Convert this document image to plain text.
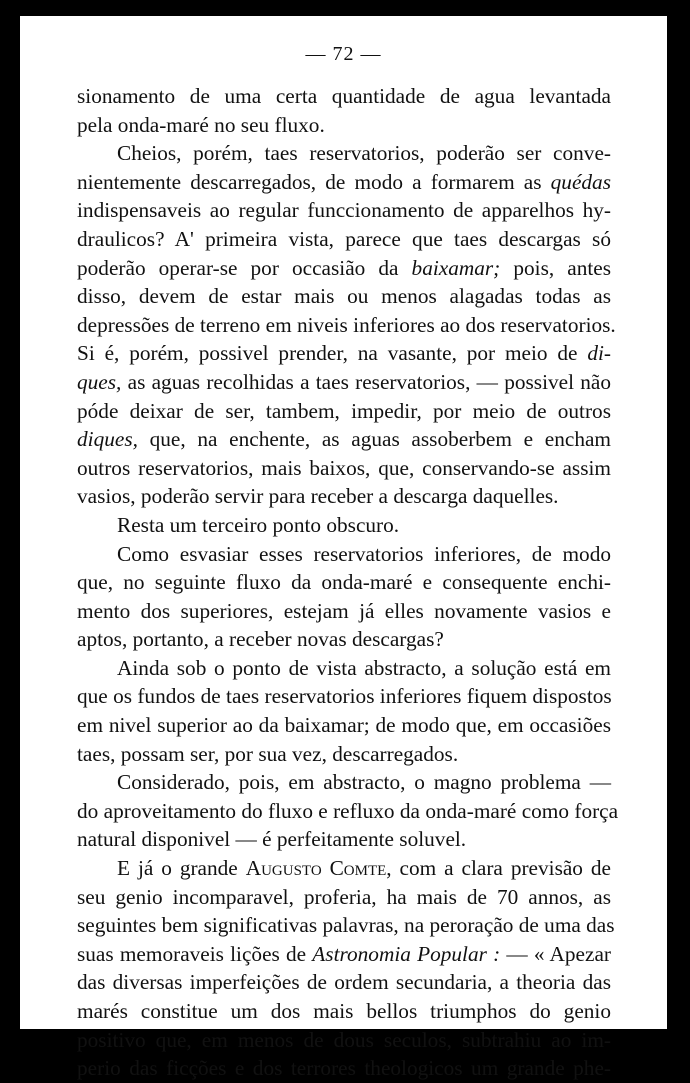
— 72 —
sionamento de uma certa quantidade de agua levantada
pela onda-maré no seu fluxo.
Cheios, porém, taes reservatorios, poderão ser conve-
nientemente descarregados, de modo a formarem as quédas
indispensaveis ao regular funccionamento de apparelhos hy-
draulicos? A' primeira vista, parece que taes descargas só
poderão operar-se por occasião da baixamar; pois, antes
disso, devem de estar mais ou menos alagadas todas as
depressões de terreno em niveis inferiores ao dos reservatorios.
Si é, porém, possivel prender, na vasante, por meio de di-
ques, as aguas recolhidas a taes reservatorios, — possivel não
póde deixar de ser, tambem, impedir, por meio de outros
diques, que, na enchente, as aguas assoberbem e encham
outros reservatorios, mais baixos, que, conservando-se assim
vasios, poderão servir para receber a descarga daquelles.
Resta um terceiro ponto obscuro.
Como esvasiar esses reservatorios inferiores, de modo
que, no seguinte fluxo da onda-maré e consequente enchi-
mento dos superiores, estejam já elles novamente vasios e
aptos, portanto, a receber novas descargas?
Ainda sob o ponto de vista abstracto, a solução está em
que os fundos de taes reservatorios inferiores fiquem dispostos
em nivel superior ao da baixamar; de modo que, em occasiões
taes, possam ser, por sua vez, descarregados.
Considerado, pois, em abstracto, o magno problema —
do aproveitamento do fluxo e refluxo da onda-maré como força
natural disponivel — é perfeitamente soluvel.
E já o grande Augusto Comte, com a clara previsão de
seu genio incomparavel, proferia, ha mais de 70 annos, as
seguintes bem significativas palavras, na peroração de uma das
suas memoraveis lições de Astronomia Popular : — « Apezar
das diversas imperfeições de ordem secundaria, a theoria das
marés constitue um dos mais bellos triumphos do genio
positivo que, em menos de dous seculos, subtrahiu ao im-
perio das ficções e dos terrores theologicos um grande phe-
